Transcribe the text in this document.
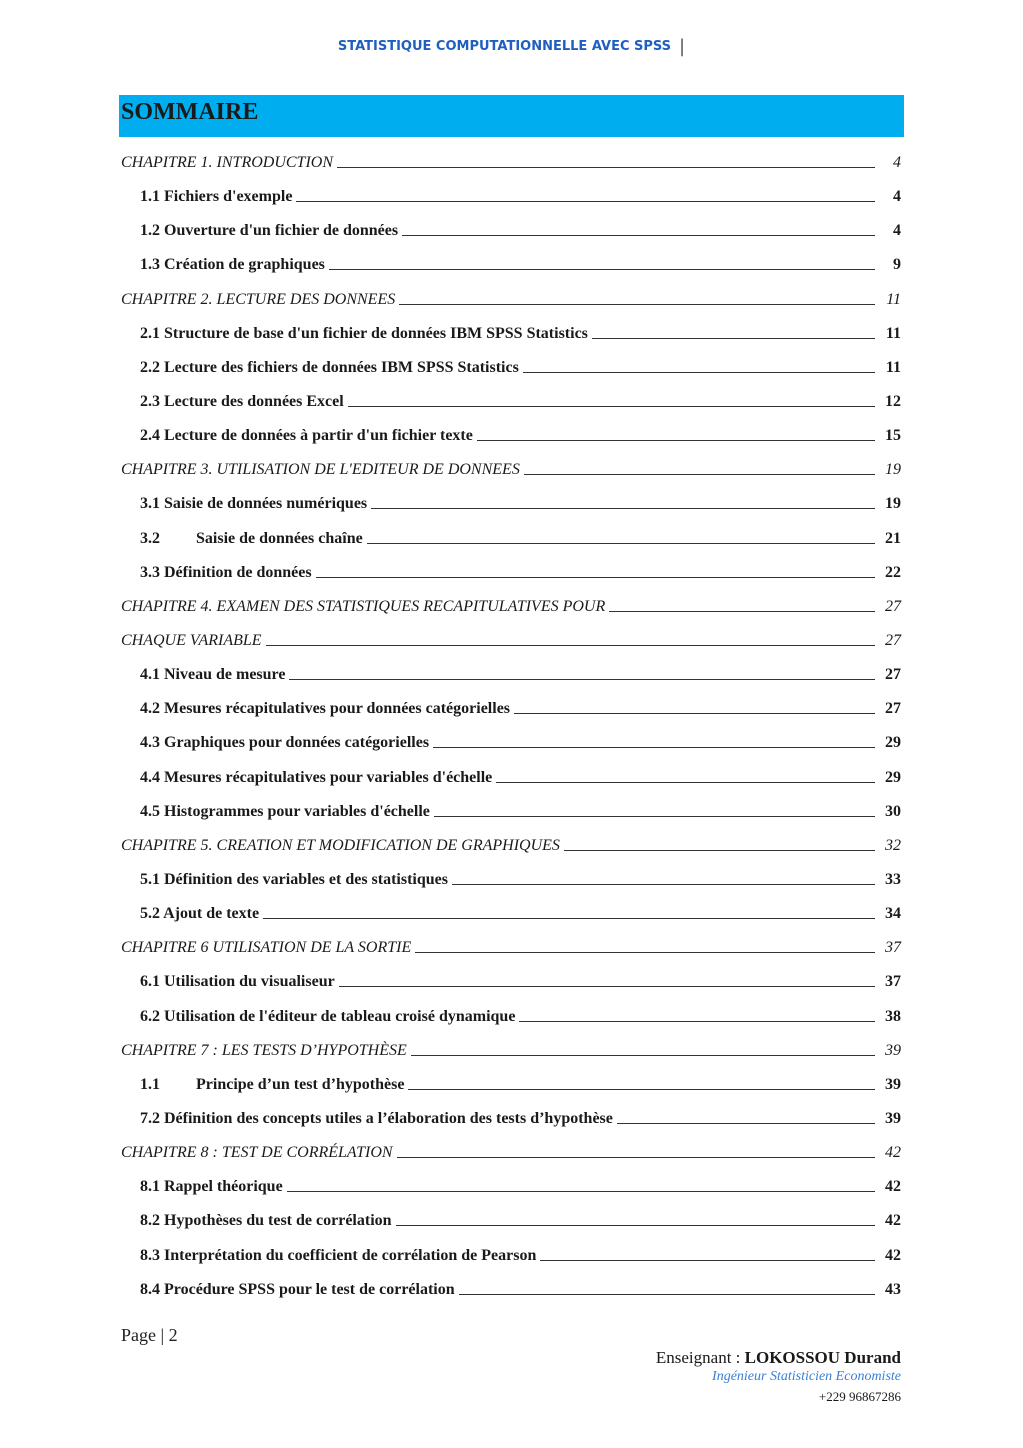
STATISTIQUE COMPUTATIONNELLE AVEC SPSS |
SOMMAIRE
CHAPITRE 1. INTRODUCTION	4
1.1 Fichiers d'exemple	4
1.2 Ouverture d'un fichier de données	4
1.3 Création de graphiques	9
CHAPITRE 2. LECTURE DES DONNEES	11
2.1 Structure de base d'un fichier de données IBM SPSS Statistics	11
2.2 Lecture des fichiers de données IBM SPSS Statistics	11
2.3 Lecture des données Excel	12
2.4 Lecture de données à partir d'un fichier texte	15
CHAPITRE 3. UTILISATION DE L'EDITEUR DE DONNEES	19
3.1 Saisie de données numériques	19
3.2 Saisie de données chaîne	21
3.3 Définition de données	22
CHAPITRE 4. EXAMEN DES STATISTIQUES RECAPITULATIVES POUR	27
CHAQUE VARIABLE	27
4.1 Niveau de mesure	27
4.2 Mesures récapitulatives pour données catégorielles	27
4.3 Graphiques pour données catégorielles	29
4.4 Mesures récapitulatives pour variables d'échelle	29
4.5 Histogrammes pour variables d'échelle	30
CHAPITRE 5. CREATION ET MODIFICATION DE GRAPHIQUES	32
5.1 Définition des variables et des statistiques	33
5.2 Ajout de texte	34
CHAPITRE 6 UTILISATION DE LA SORTIE	37
6.1 Utilisation du visualiseur	37
6.2 Utilisation de l'éditeur de tableau croisé dynamique	38
CHAPITRE 7 : LES TESTS D’HYPOTHÈSE	39
1.1 Principe d’un test d’hypothèse	39
7.2 Définition des concepts utiles a l’élaboration des tests d’hypothèse	39
CHAPITRE 8 : TEST DE CORRÉLATION	42
8.1 Rappel théorique	42
8.2 Hypothèses du test de corrélation	42
8.3 Interprétation du coefficient de corrélation de Pearson	42
8.4 Procédure SPSS pour le test de corrélation	43
Page | 2
Enseignant : LOKOSSOU Durand
Ingénieur Statisticien Economiste
+229 96867286
